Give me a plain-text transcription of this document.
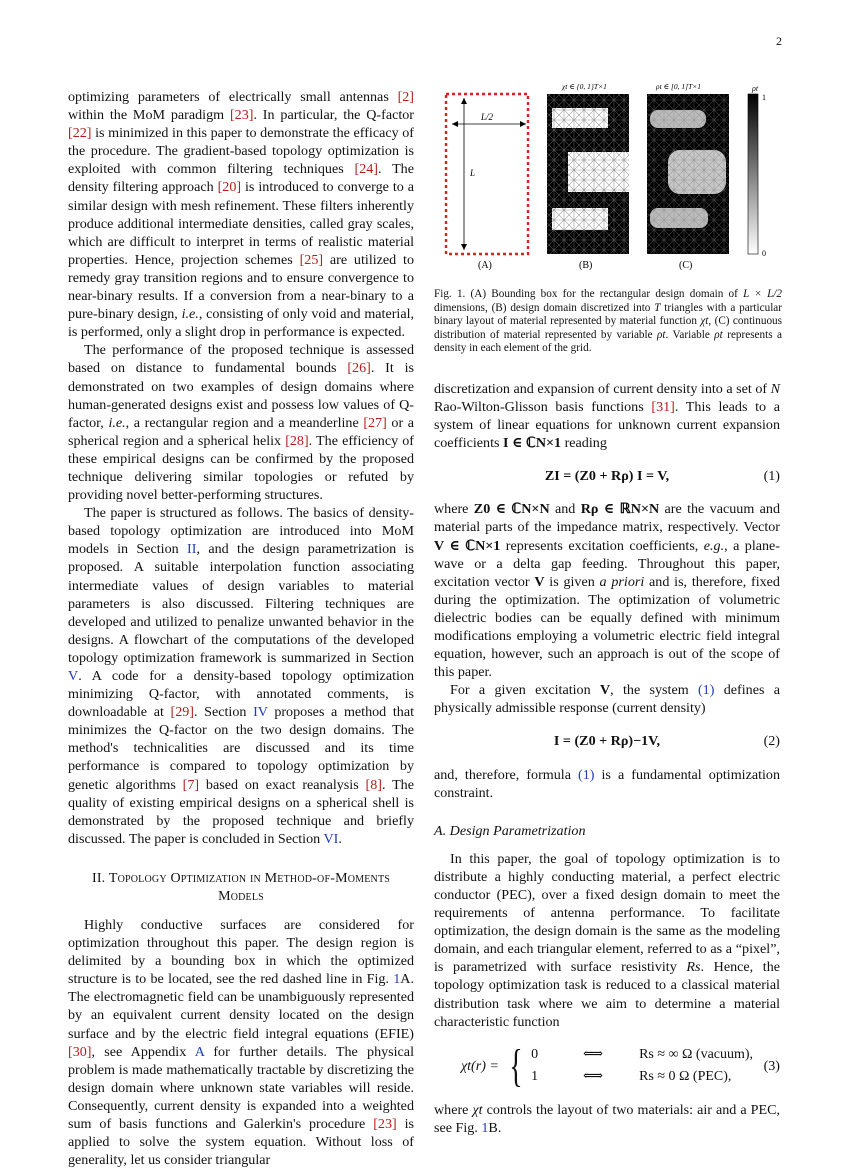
2

optimizing parameters of electrically small antennas [2] within the MoM paradigm [23]. In particular, the Q-factor [22] is minimized in this paper to demonstrate the efficacy of the procedure. The gradient-based topology optimization is exploited with common filtering techniques [24]. The density filtering approach [20] is introduced to converge to a similar design with mesh refinement. These filters inherently produce additional intermediate densities, called gray scales, which are difficult to interpret in terms of realistic material properties. Hence, projection schemes [25] are utilized to remedy gray transition regions and to ensure convergence to near-binary results. If a conversion from a near-binary to a pure-binary design, i.e., consisting of only void and material, is performed, only a slight drop in performance is expected.

The performance of the proposed technique is assessed based on distance to fundamental bounds [26]. It is demonstrated on two examples of design domains where human-generated designs exist and possess low values of Q-factor, i.e., a rectangular region and a meanderline [27] or a spherical region and a spherical helix [28]. The efficiency of these empirical designs can be confirmed by the proposed technique delivering similar topologies or refuted by providing novel better-performing structures.

The paper is structured as follows. The basics of density-based topology optimization are introduced into MoM models in Section II, and the design parametrization is proposed. A suitable interpolation function associating intermediate values of design variables to material parameters is also discussed. Filtering techniques are developed and utilized to penalize unwanted behavior in the designs. A flowchart of the computations of the developed topology optimization framework is summarized in Section V. A code for a density-based topology optimization minimizing Q-factor, with annotated comments, is downloadable at [29]. Section IV proposes a method that minimizes the Q-factor on the two design domains. The method's technicalities are discussed and its time performance is compared to topology optimization by genetic algorithms [7] based on exact reanalysis [8]. The quality of existing empirical designs on a spherical shell is demonstrated by the proposed technique and briefly discussed. The paper is concluded in Section VI.

II. Topology Optimization in Method-of-Moments
Models

Highly conductive surfaces are considered for optimization throughout this paper. The design region is delimited by a bounding box in which the optimized structure is to be located, see the red dashed line in Fig. 1A. The electromagnetic field can be unambiguously represented by an equivalent current density located on the design surface and by the electric field integral equations (EFIE) [30], see Appendix A for further details. The physical problem is made mathematically tractable by discretizing the design domain where unknown state variables will reside. Consequently, current density is expanded into a weighted sum of basis functions and Galerkin's procedure [23] is applied to solve the system equation. Without loss of generality, let us consider triangular

L/2
L
(A)
χt ∈ {0, 1}T×1
(B)
ρt ∈ [0, 1]T×1
(C)
ρt
1
0

Fig. 1. (A) Bounding box for the rectangular design domain of L × L/2 dimensions, (B) design domain discretized into T triangles with a particular binary layout of material represented by material function χt, (C) continuous distribution of material represented by variable ρt. Variable ρt represents a density in each element of the grid.

discretization and expansion of current density into a set of N Rao-Wilton-Glisson basis functions [31]. This leads to a system of linear equations for unknown current expansion coefficients I ∈ ℂN×1 reading

ZI = (Z0 + Rρ) I = V,	(1)

where Z0 ∈ ℂN×N and Rρ ∈ ℝN×N are the vacuum and material parts of the impedance matrix, respectively. Vector V ∈ ℂN×1 represents excitation coefficients, e.g., a plane-wave or a delta gap feeding. Throughout this paper, excitation vector V is given a priori and is, therefore, fixed during the optimization. The optimization of volumetric dielectric bodies can be equally defined with minimum modifications employing a volumetric electric field integral equation, however, such an approach is out of the scope of this paper.

For a given excitation V, the system (1) defines a physically admissible response (current density)

I = (Z0 + Rρ)−1V,	(2)

and, therefore, formula (1) is a fundamental optimization constraint.

A. Design Parametrization

In this paper, the goal of topology optimization is to distribute a highly conducting material, a perfect electric conductor (PEC), over a fixed design domain to meet the requirements of antenna performance. To facilitate optimization, the design domain is the same as the modeling domain, and each triangular element, referred to as a “pixel”, is parametrized with surface resistivity Rs. Hence, the topology optimization task is reduced to a classical material distribution task where we aim to determine a material characteristic function

χt(r) = { 0	⟺	Rs ≈ ∞ Ω (vacuum),
1	⟺	Rs ≈ 0 Ω (PEC),
(3)

where χt controls the layout of two materials: air and a PEC, see Fig. 1B.
